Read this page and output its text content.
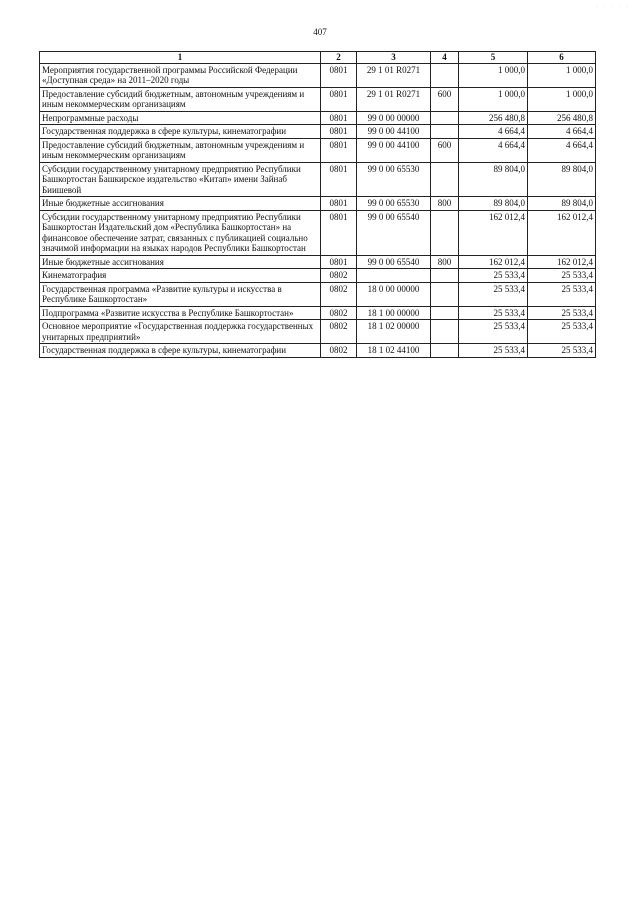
· · · · ·
407
1	2	3	4	5	6
Мероприятия государственной программы Российской Федерации «Доступная среда» на 2011–2020 годы	0801	29 1 01 R0271		1 000,0	1 000,0
Предоставление субсидий бюджетным, автономным учреждениям и иным некоммерческим организациям	0801	29 1 01 R0271	600	1 000,0	1 000,0
Непрограммные расходы	0801	99 0 00 00000		256 480,8	256 480,8
Государственная поддержка в сфере культуры, кинематографии	0801	99 0 00 44100		4 664,4	4 664,4
Предоставление субсидий бюджетным, автономным учреждениям и иным некоммерческим организациям	0801	99 0 00 44100	600	4 664,4	4 664,4
Субсидии государственному унитарному предприятию Республики Башкортостан Башкирское издательство «Китап» имени Зайнаб Биишевой	0801	99 0 00 65530		89 804,0	89 804,0
Иные бюджетные ассигнования	0801	99 0 00 65530	800	89 804,0	89 804,0
Субсидии государственному унитарному предприятию Республики Башкортостан Издательский дом «Республика Башкортостан» на финансовое обеспечение затрат, связанных с публикацией социально значимой информации на языках народов Республики Башкортостан	0801	99 0 00 65540		162 012,4	162 012,4
Иные бюджетные ассигнования	0801	99 0 00 65540	800	162 012,4	162 012,4
Кинематография	0802			25 533,4	25 533,4
Государственная программа «Развитие культуры и искусства в Республике Башкортостан»	0802	18 0 00 00000		25 533,4	25 533,4
Подпрограмма «Развитие искусства в Республике Башкортостан»	0802	18 1 00 00000		25 533,4	25 533,4
Основное мероприятие «Государственная поддержка государственных унитарных предприятий»	0802	18 1 02 00000		25 533,4	25 533,4
Государственная поддержка в сфере культуры, кинематографии	0802	18 1 02 44100		25 533,4	25 533,4
